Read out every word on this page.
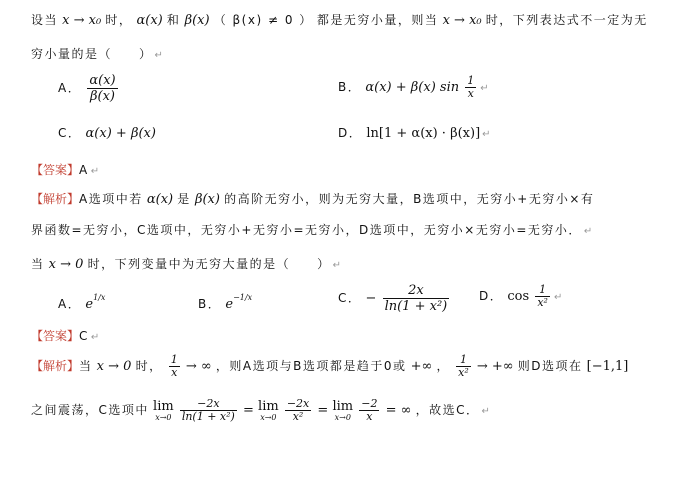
设当 x → x₀ 时， α(x) 和 β(x) （ β(x) ≠ 0 ） 都是无穷小量，则当 x → x₀ 时，下列表达式不一定为无
穷小量的是（　　） ↵
A． $\frac{\alpha(x)}{\beta(x)}$	B． α(x) + β(x) $\sin \frac{1}{x}$ ↵
C． α(x) + β(x)	D． ln[1 + α(x) · β(x)] ↵
【答案】A ↵
【解析】A选项中若 α(x) 是 β(x) 的高阶无穷小，则为无穷大量，B选项中，无穷小+无穷小×有
界函数=无穷小，C选项中，无穷小+无穷小=无穷小，D选项中，无穷小×无穷小=无穷小． ↵
当 x → 0 时，下列变量中为无穷大量的是（　　） ↵
A． $e^{1/x}$	B． $e^{-1/x}$	C． − $\frac{2x}{\text{ln(1 + x²)}}$ D． $\cos \frac{1}{\text{x²}}$ ↵
【答案】C ↵
【解析】当 x → 0 时， $\frac{1}{x}$ → ∞ ，则A选项与B选项都是趋于0或 +∞ ， $\frac{1}{\text{x²}}$ → +∞ 则D选项在 [−1,1]
之间震荡，C选项中 lim
x→0
$\frac{-2x}{\text{ln(1 + x²)}} = \lim$
x→0
$\frac{-2x}{\text{x²}} = \lim$
x→0
$\frac{-2}{x}$ = ∞ ，故选C． ↵
